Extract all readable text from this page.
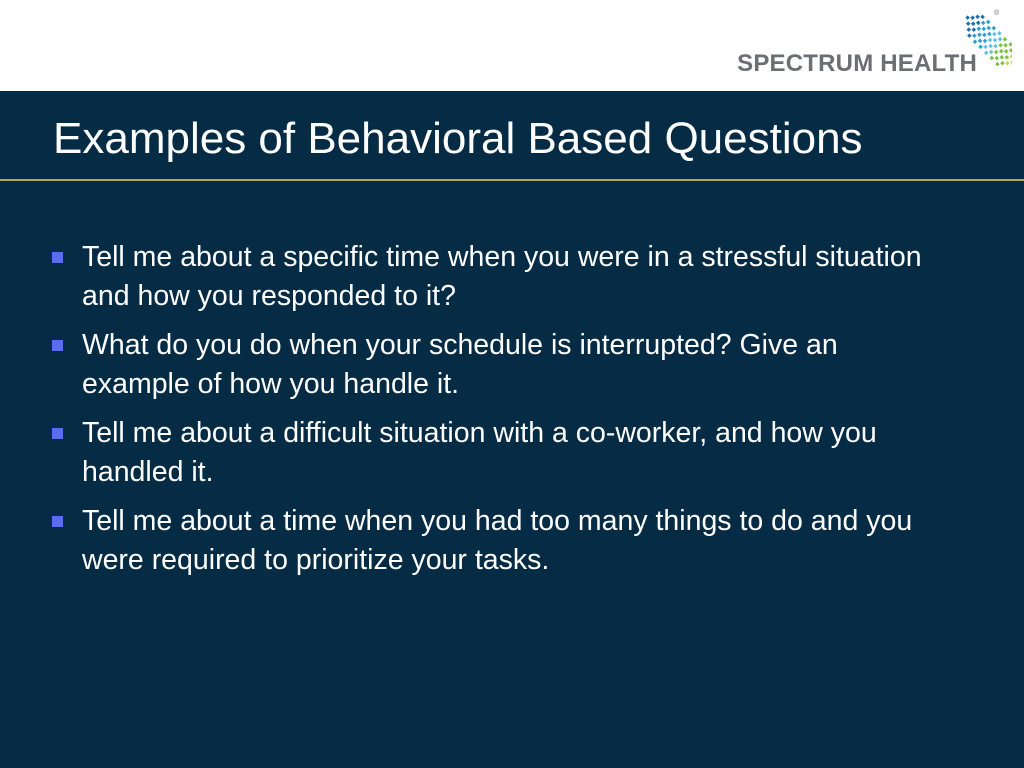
®
SPECTRUM HEALTH
Examples of Behavioral Based Questions
Tell me about a specific time when you were in a stressful situation and how you responded to it?
What do you do when your schedule is interrupted? Give an example of how you handle it.
Tell me about a difficult situation with a co-worker, and how you handled it.
Tell me about a time when you had too many things to do and you were required to prioritize your tasks.
